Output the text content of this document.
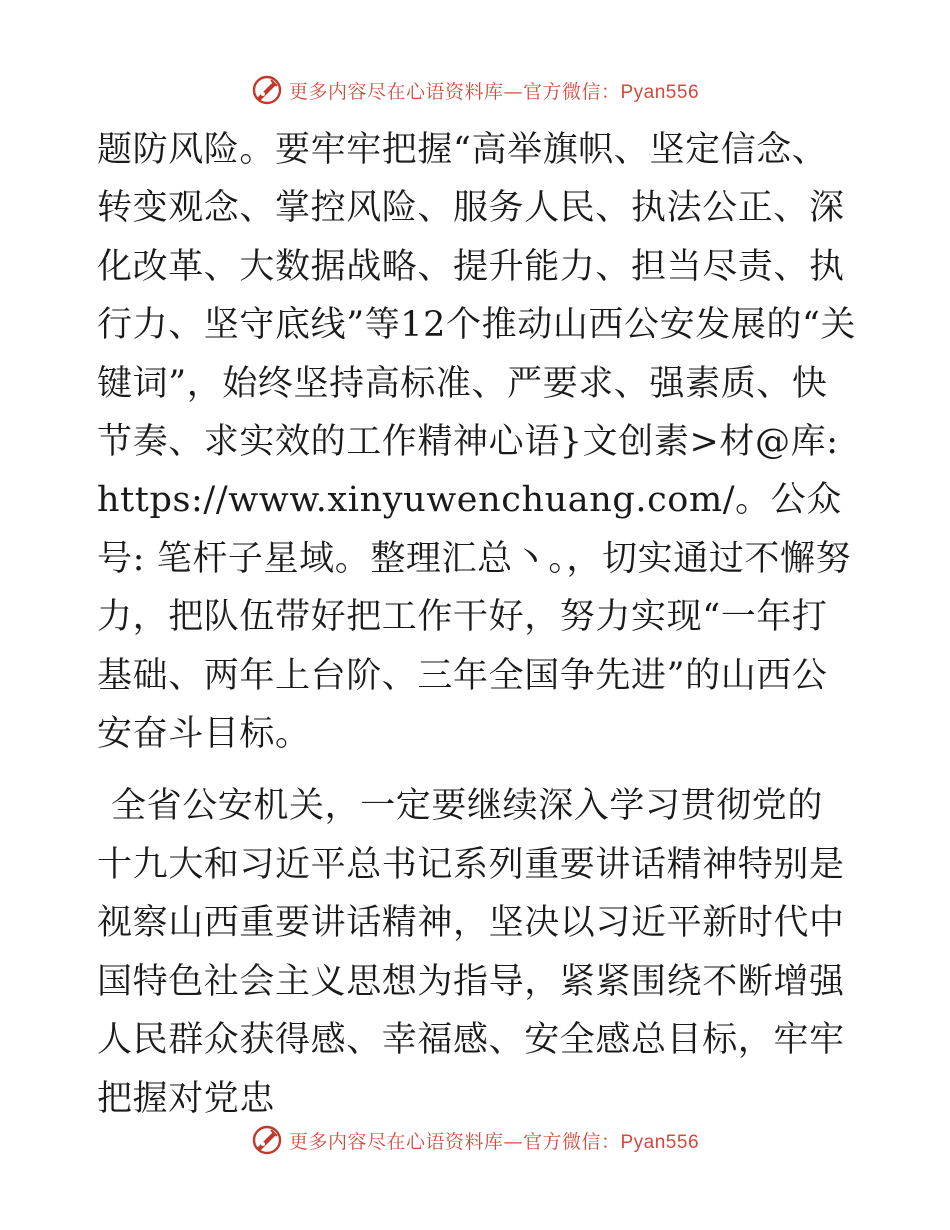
更多内容尽在心语资料库—官方微信：Pyan556

题防风险。要牢牢把握“高举旗帜、坚定信念、转变观念、掌控风险、服务人民、执法公正、深化改革、大数据战略、提升能力、担当尽责、执行力、坚守底线”等12个推动山西公安发展的“关键词”，始终坚持高标准、严要求、强素质、快节奏、求实效的工作精神心语}文创素>材@库: https://www.xinyuwenchuang.com/。公众号: 笔杆子星域。整理汇总丶。，切实通过不懈努力，把队伍带好把工作干好，努力实现“一年打基础、两年上台阶、三年全国争先进”的山西公安奋斗目标。

全省公安机关，一定要继续深入学习贯彻党的十九大和习近平总书记系列重要讲话精神特别是视察山西重要讲话精神，坚决以习近平新时代中国特色社会主义思想为指导，紧紧围绕不断增强人民群众获得感、幸福感、安全感总目标，牢牢把握对党忠

更多内容尽在心语资料库—官方微信：Pyan556
